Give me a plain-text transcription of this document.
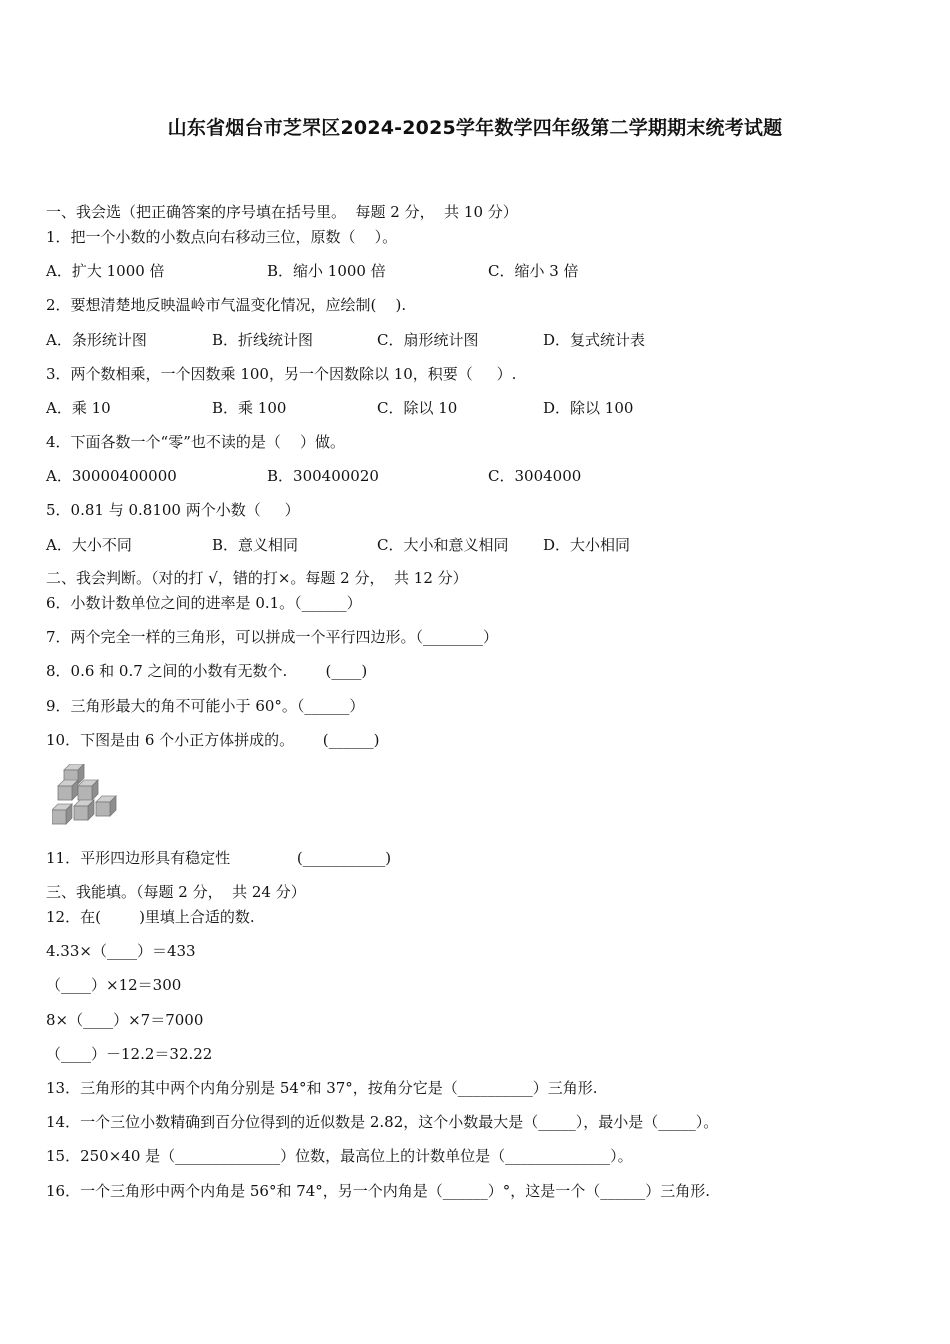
山东省烟台市芝罘区2024-2025学年数学四年级第二学期期末统考试题
一、我会选（把正确答案的序号填在括号里。  每题 2 分，  共 10 分）
1．把一个小数的小数点向右移动三位，原数（    ）。
A．扩大 1000 倍	B．缩小 1000 倍	C．缩小 3 倍
2．要想清楚地反映温岭市气温变化情况，应绘制(    ).
A．条形统计图	B．折线统计图	C．扇形统计图	D．复式统计表
3．两个数相乘，一个因数乘 100，另一个因数除以 10，积要（     ）.
A．乘 10	B．乘 100	C．除以 10	D．除以 100
4．下面各数一个“零”也不读的是（    ）做。
A．30000400000	B．300400020	C．3004000
5．0.81 与 0.8100 两个小数（     ）
A．大小不同	B．意义相同	C．大小和意义相同 D．大小相同
二、我会判断。（对的打 √，错的打×。每题 2 分，  共 12 分）
6．小数计数单位之间的进率是 0.1。（______）
7．两个完全一样的三角形，可以拼成一个平行四边形。（________）
8．0.6 和 0.7 之间的小数有无数个.        (____)
9．三角形最大的角不可能小于 60°。（______）
10．下图是由 6 个小正方体拼成的。      (______)
11．平形四边形具有稳定性              (___________)
三、我能填。（每题 2 分，  共 24 分）
12．在(        )里填上合适的数.
4.33×（____）＝433
（____）×12＝300
8×（____）×7＝7000
（____）－12.2＝32.22
13．三角形的其中两个内角分别是 54°和 37°，按角分它是（__________）三角形.
14．一个三位小数精确到百分位得到的近似数是 2.82，这个小数最大是（_____），最小是（_____）。
15．250×40 是（______________）位数，最高位上的计数单位是（______________）。
16．一个三角形中两个内角是 56°和 74°，另一个内角是（______）°，这是一个（______）三角形.
